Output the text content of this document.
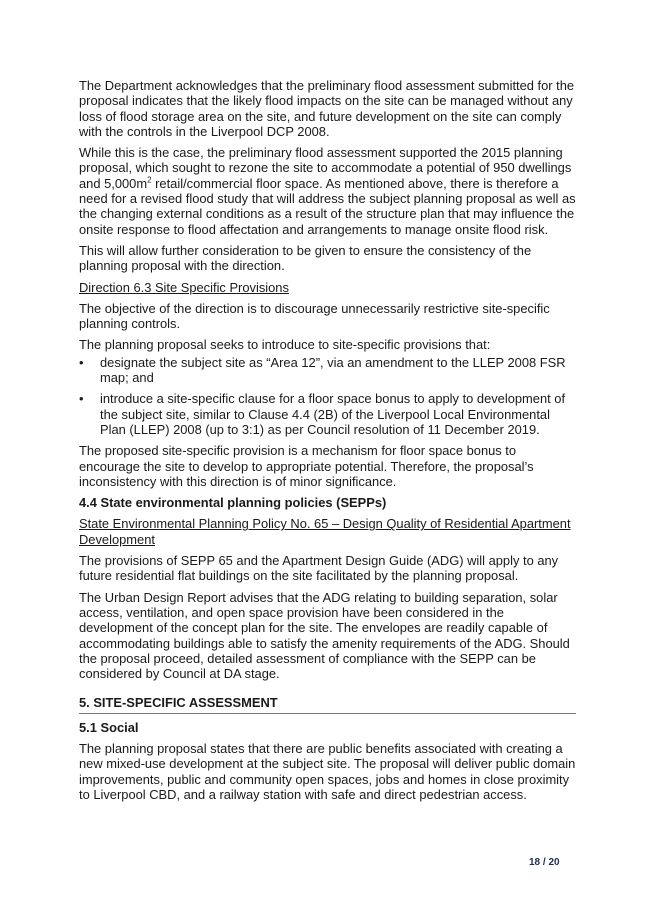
The Department acknowledges that the preliminary flood assessment submitted for the proposal indicates that the likely flood impacts on the site can be managed without any loss of flood storage area on the site, and future development on the site can comply with the controls in the Liverpool DCP 2008.

While this is the case, the preliminary flood assessment supported the 2015 planning proposal, which sought to rezone the site to accommodate a potential of 950 dwellings and $5,000m^2$ retail/commercial floor space. As mentioned above, there is therefore a need for a revised flood study that will address the subject planning proposal as well as the changing external conditions as a result of the structure plan that may influence the onsite response to flood affectation and arrangements to manage onsite flood risk.

This will allow further consideration to be given to ensure the consistency of the planning proposal with the direction.

Direction 6.3 Site Specific Provisions

The objective of the direction is to discourage unnecessarily restrictive site-specific planning controls.

The planning proposal seeks to introduce to site-specific provisions that:

• designate the subject site as “Area 12”, via an amendment to the LLEP 2008 FSR map; and
• introduce a site-specific clause for a floor space bonus to apply to development of the subject site, similar to Clause 4.4 (2B) of the Liverpool Local Environmental Plan (LLEP) 2008 (up to 3:1) as per Council resolution of 11 December 2019.

The proposed site-specific provision is a mechanism for floor space bonus to encourage the site to develop to appropriate potential. Therefore, the proposal’s inconsistency with this direction is of minor significance.

4.4 State environmental planning policies (SEPPs)

State Environmental Planning Policy No. 65 – Design Quality of Residential Apartment Development

The provisions of SEPP 65 and the Apartment Design Guide (ADG) will apply to any future residential flat buildings on the site facilitated by the planning proposal.

The Urban Design Report advises that the ADG relating to building separation, solar access, ventilation, and open space provision have been considered in the development of the concept plan for the site. The envelopes are readily capable of accommodating buildings able to satisfy the amenity requirements of the ADG. Should the proposal proceed, detailed assessment of compliance with the SEPP can be considered by Council at DA stage.

5. SITE-SPECIFIC ASSESSMENT
5.1 Social

The planning proposal states that there are public benefits associated with creating a new mixed-use development at the subject site. The proposal will deliver public domain improvements, public and community open spaces, jobs and homes in close proximity to Liverpool CBD, and a railway station with safe and direct pedestrian access.

18 / 20
